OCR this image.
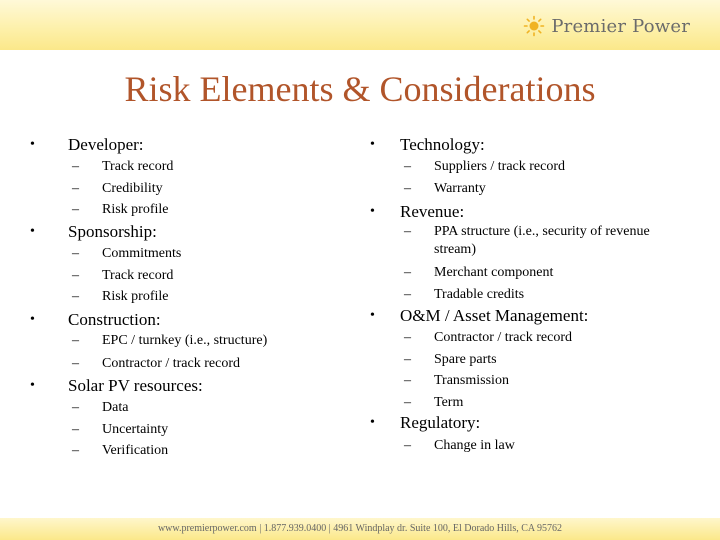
Premier Power
Risk Elements & Considerations
• Developer:
– Track record
– Credibility
– Risk profile
• Sponsorship:
– Commitments
– Track record
– Risk profile
• Construction:
– EPC / turnkey (i.e., structure)
– Contractor / track record
• Solar PV resources:
– Data
– Uncertainty
– Verification
• Technology:
– Suppliers / track record
– Warranty
• Revenue:
– PPA structure (i.e., security of revenue stream)
– Merchant component
– Tradable credits
• O&M / Asset Management:
– Contractor / track record
– Spare parts
– Transmission
– Term
• Regulatory:
– Change in law
www.premierpower.com | 1.877.939.0400 | 4961 Windplay dr. Suite 100, El Dorado Hills, CA 95762
